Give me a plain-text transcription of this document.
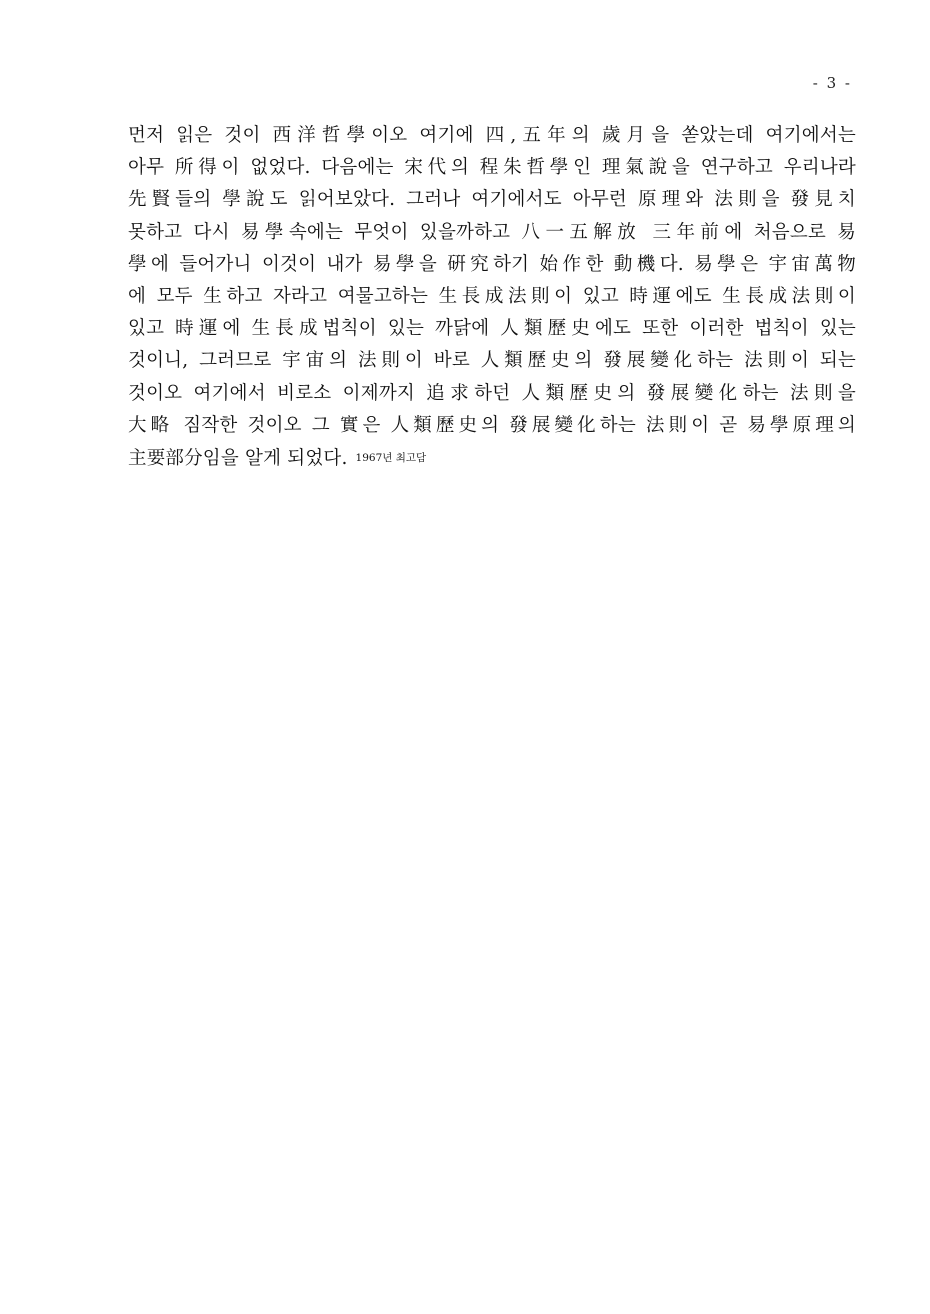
- 3 -
먼저 읽은 것이 西洋哲學이오 여기에 四,五年의 歲月을 쏟았는데 여기에서는
아무 所得이 없었다. 다음에는 宋代의 程朱哲學인 理氣說을 연구하고 우리나라
先賢들의 學說도 읽어보았다. 그러나 여기에서도 아무런 原理와 法則을 發見치
못하고 다시 易學속에는 무엇이 있을까하고 八一五解放 三年前에 처음으로 易
學에 들어가니 이것이 내가 易學을 硏究하기 始作한 動機다. 易學은 宇宙萬物
에 모두 生하고 자라고 여물고하는 生長成法則이 있고 時運에도 生長成法則이
있고 時運에 生長成법칙이 있는 까닭에 人類歷史에도 또한 이러한 법칙이 있는
것이니, 그러므로 宇宙의 法則이 바로 人類歷史의 發展變化하는 法則이 되는
것이오 여기에서 비로소 이제까지 追求하던 人類歷史의 發展變化하는 法則을
大略 짐작한 것이오 그 實은 人類歷史의 發展變化하는 法則이 곧 易學原理의
主要部分임을 알게 되었다. 1967년 최고담
